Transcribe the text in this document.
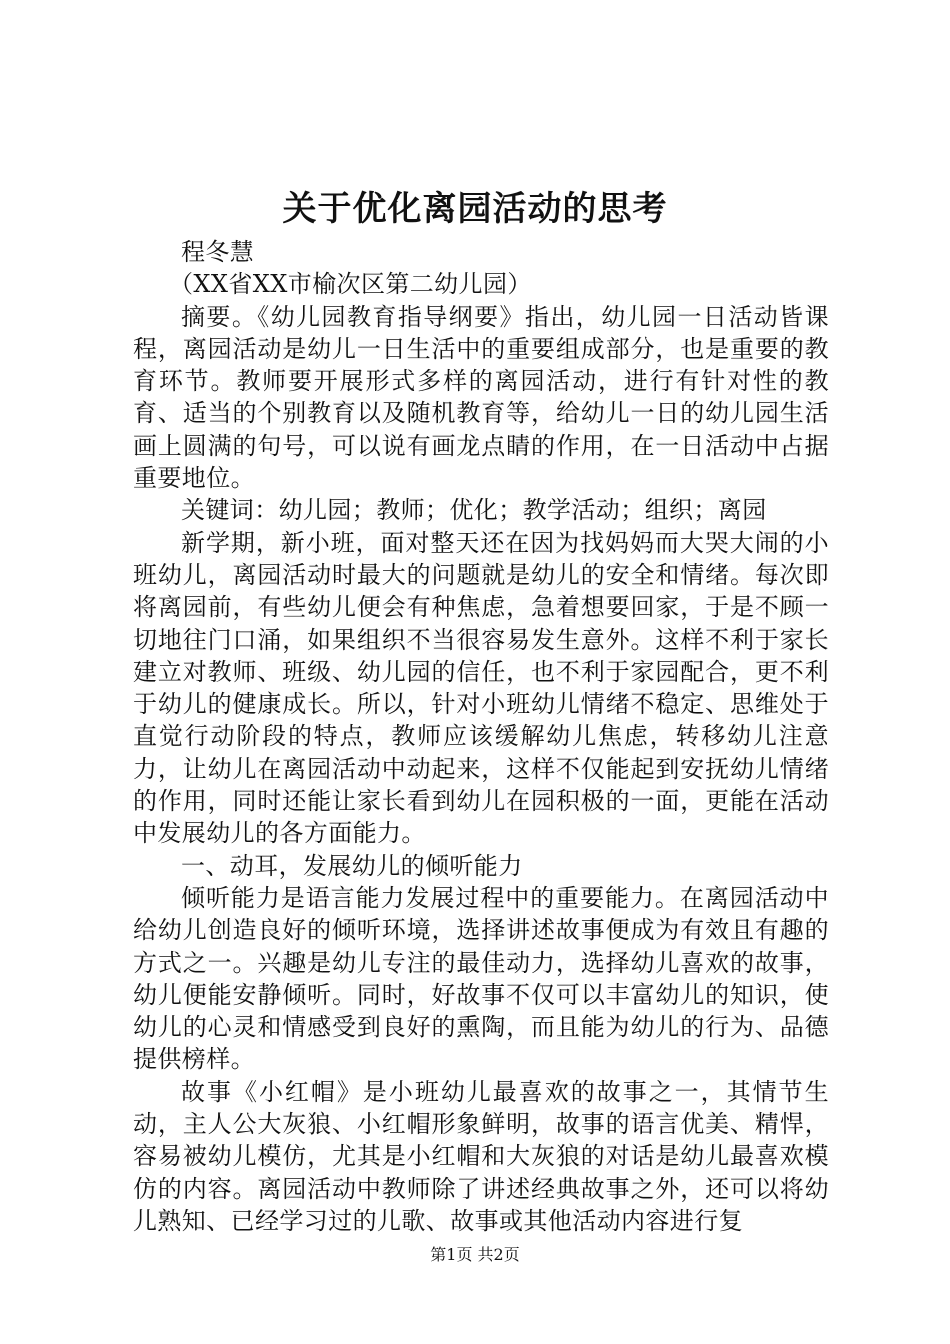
关于优化离园活动的思考

程冬慧

（XX省XX市榆次区第二幼儿园）

摘要。《幼儿园教育指导纲要》指出，幼儿园一日活动皆课程，离园活动是幼儿一日生活中的重要组成部分，也是重要的教育环节。教师要开展形式多样的离园活动，进行有针对性的教育、适当的个别教育以及随机教育等，给幼儿一日的幼儿园生活画上圆满的句号，可以说有画龙点睛的作用，在一日活动中占据重要地位。

关键词：幼儿园；教师；优化；教学活动；组织；离园

新学期，新小班，面对整天还在因为找妈妈而大哭大闹的小班幼儿，离园活动时最大的问题就是幼儿的安全和情绪。每次即将离园前，有些幼儿便会有种焦虑，急着想要回家，于是不顾一切地往门口涌，如果组织不当很容易发生意外。这样不利于家长建立对教师、班级、幼儿园的信任，也不利于家园配合，更不利于幼儿的健康成长。所以，针对小班幼儿情绪不稳定、思维处于直觉行动阶段的特点，教师应该缓解幼儿焦虑，转移幼儿注意力，让幼儿在离园活动中动起来，这样不仅能起到安抚幼儿情绪的作用，同时还能让家长看到幼儿在园积极的一面，更能在活动中发展幼儿的各方面能力。

一、动耳，发展幼儿的倾听能力

倾听能力是语言能力发展过程中的重要能力。在离园活动中给幼儿创造良好的倾听环境，选择讲述故事便成为有效且有趣的方式之一。兴趣是幼儿专注的最佳动力，选择幼儿喜欢的故事，幼儿便能安静倾听。同时，好故事不仅可以丰富幼儿的知识，使幼儿的心灵和情感受到良好的熏陶，而且能为幼儿的行为、品德提供榜样。

故事《小红帽》是小班幼儿最喜欢的故事之一，其情节生动，主人公大灰狼、小红帽形象鲜明，故事的语言优美、精悍，容易被幼儿模仿，尤其是小红帽和大灰狼的对话是幼儿最喜欢模仿的内容。离园活动中教师除了讲述经典故事之外，还可以将幼儿熟知、已经学习过的儿歌、故事或其他活动内容进行复

第1页 共2页
